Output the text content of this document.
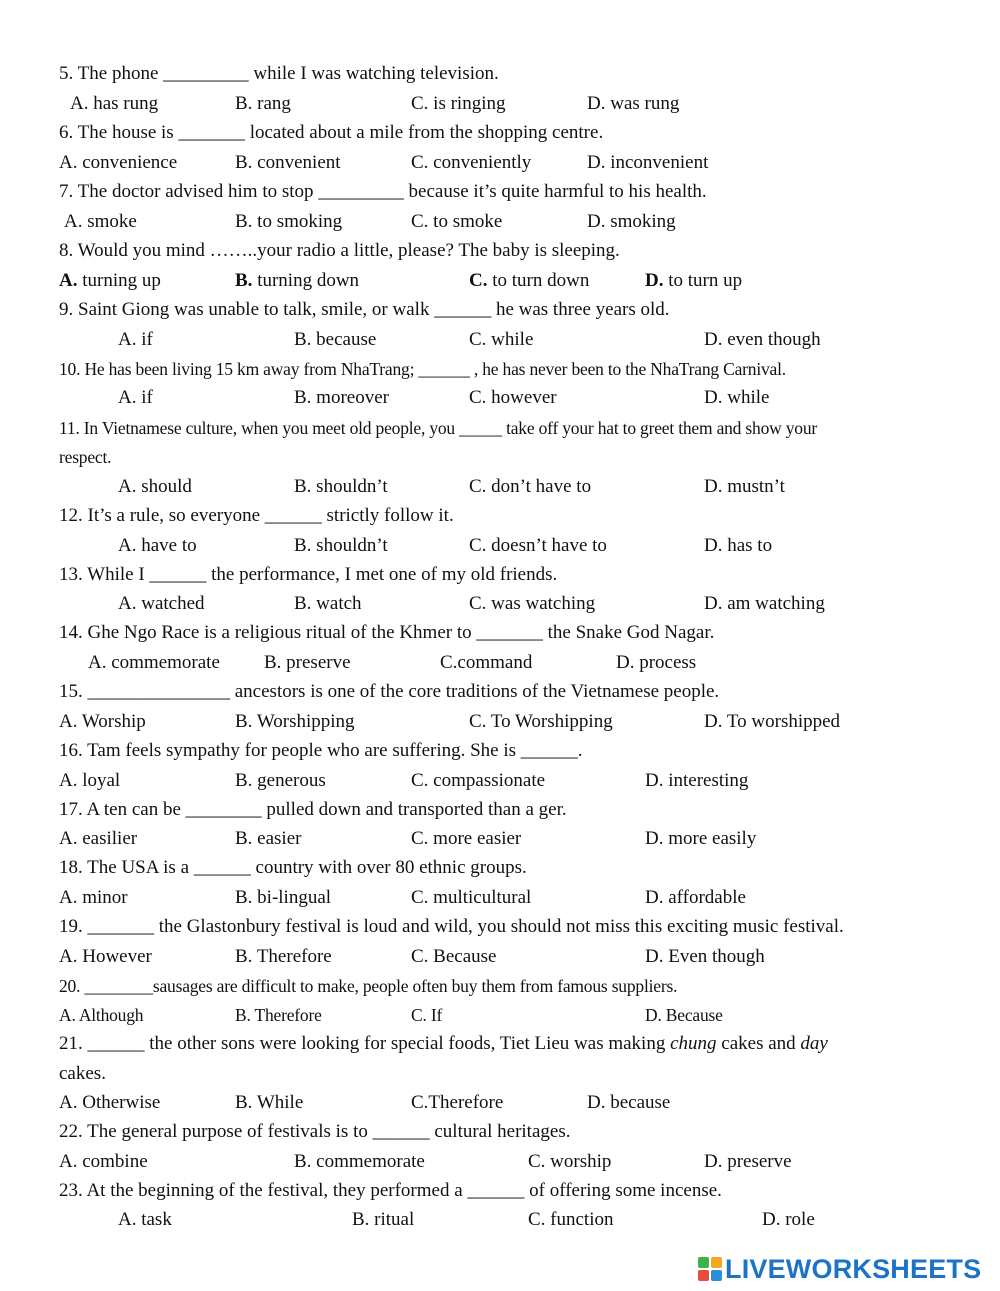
5. The phone _________ while I was watching television.
A. has rung	B. rang	C. is ringing	D. was rung
6. The house is _______ located about a mile from the shopping centre.
A. convenience	B. convenient	C. conveniently	D. inconvenient
7. The doctor advised him to stop _________ because it’s quite harmful to his health.
A. smoke	B. to smoking	C. to smoke	D. smoking
8. Would you mind ……..your radio a little, please? The baby is sleeping.
A. turning up	B. turning down	C. to turn down	D. to turn up
9. Saint Giong was unable to talk, smile, or walk ______ he was three years old.
A. if	B. because	C. while	D. even though
10. He has been living 15 km away from NhaTrang; ______ , he has never been to the NhaTrang Carnival.
A. if	B. moreover	C. however	D. while
11. In Vietnamese culture, when you meet old people, you _____ take off your hat to greet them and show your
respect.
A. should	B. shouldn’t	C. don’t have to	D. mustn’t
12. It’s a rule, so everyone ______ strictly follow it.
A. have to	B. shouldn’t	C. doesn’t have to	D. has to
13. While I ______ the performance, I met one of my old friends.
A. watched	B. watch	C. was watching	D. am watching
14. Ghe Ngo Race is a religious ritual of the Khmer to _______ the Snake God Nagar.
A. commemorate B. preserve	C.command	D. process
15. _______________ ancestors is one of the core traditions of the Vietnamese people.
A. Worship	B. Worshipping	C. To Worshipping	D. To worshipped
16. Tam feels sympathy for people who are suffering. She is ______.
A. loyal	B. generous	C. compassionate	D. interesting
17. A ten can be ________ pulled down and transported than a ger.
A. easilier	B. easier	C. more easier	D. more easily
18. The USA is a ______ country with over 80 ethnic groups.
A. minor	B. bi-lingual	C. multicultural	D. affordable
19. _______ the Glastonbury festival is loud and wild, you should not miss this exciting music festival.
A. However	B. Therefore	C. Because	D. Even though
20. ________sausages are difficult to make, people often buy them from famous suppliers.
A. Although	B. Therefore	C. If	D. Because
21. ______ the other sons were looking for special foods, Tiet Lieu was making chung cakes and day
cakes.
A. Otherwise	B. While	C.Therefore	D. because
22. The general purpose of festivals is to ______ cultural heritages.
A. combine	B. commemorate	C. worship	D. preserve
23. At the beginning of the festival, they performed a ______ of offering some incense.
A. task	B. ritual	C. function	D. role
LIVEWORKSHEETS
